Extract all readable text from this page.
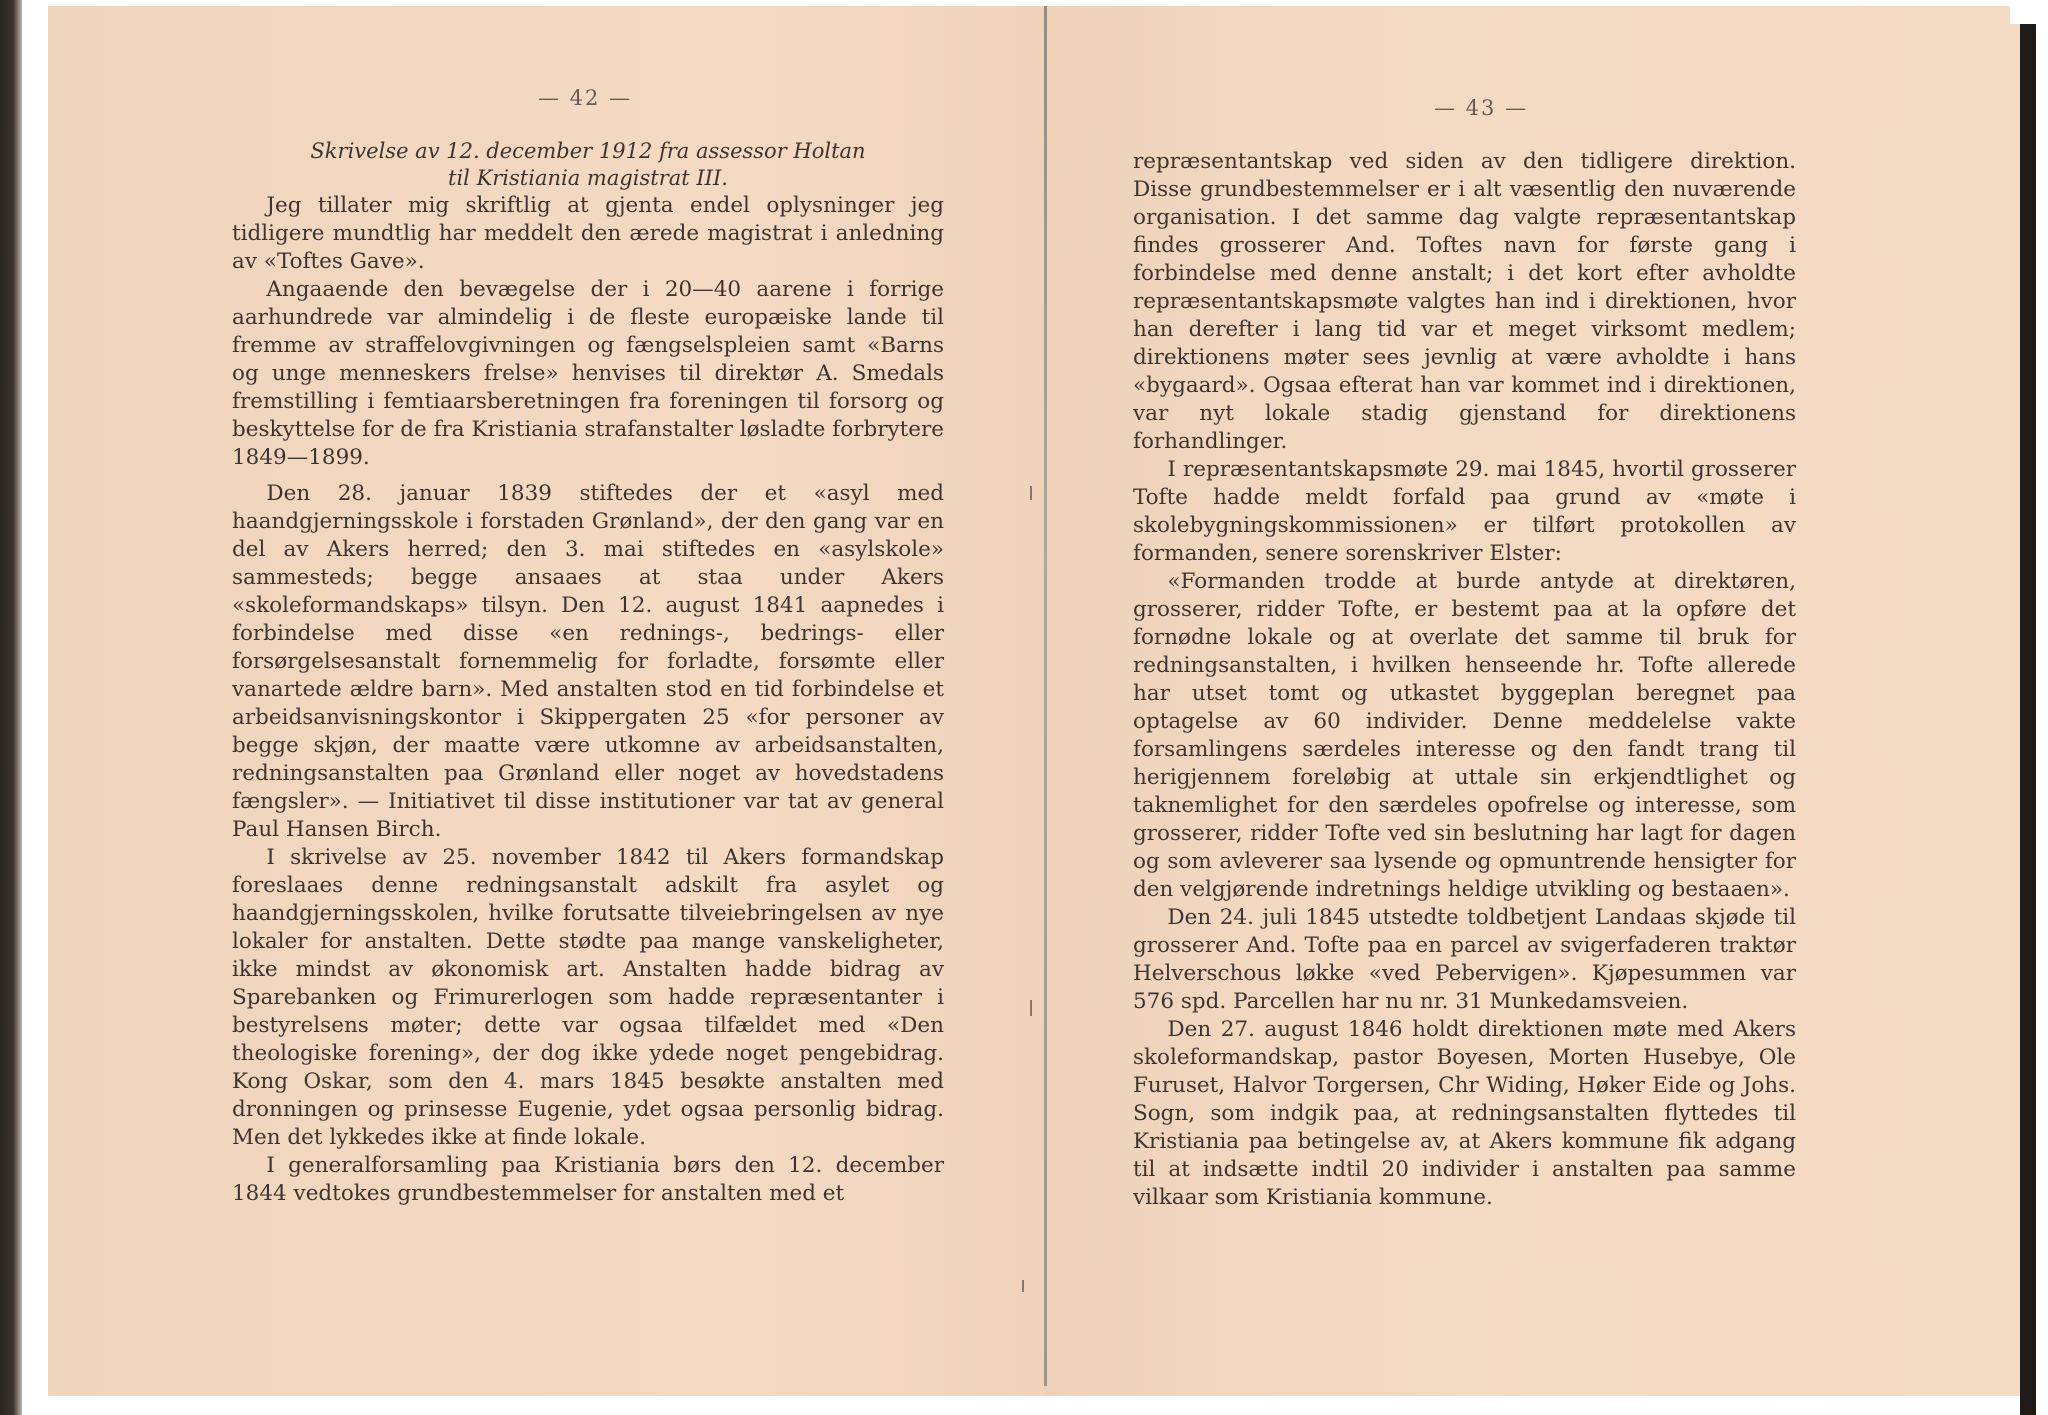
— 42 —

Skrivelse av 12. december 1912 fra assessor Holtan
til Kristiania magistrat III.

Jeg tillater mig skriftlig at gjenta endel oplysninger jeg tidligere mundtlig har meddelt den ærede magistrat i anledning av «Toftes Gave».

Angaaende den bevægelse der i 20—40 aarene i forrige aarhundrede var almindelig i de fleste europæiske lande til fremme av straffelovgivningen og fængselspleien samt «Barns og unge menneskers frelse» henvises til direktør A. Smedals fremstilling i femtiaarsberetningen fra foreningen til forsorg og beskyttelse for de fra Kristiania strafanstalter løsladte forbrytere 1849—1899.

Den 28. januar 1839 stiftedes der et «asyl med haandgjerningsskole i forstaden Grønland», der den gang var en del av Akers herred; den 3. mai stiftedes en «asylskole» sammesteds; begge ansaaes at staa under Akers «skoleformandskaps» tilsyn. Den 12. august 1841 aapnedes i forbindelse med disse «en rednings-, bedrings- eller forsørgelsesanstalt fornemmelig for forladte, forsømte eller vanartede ældre barn». Med anstalten stod en tid forbindelse et arbeidsanvisningskontor i Skippergaten 25 «for personer av begge skjøn, der maatte være utkomne av arbeidsanstalten, redningsanstalten paa Grønland eller noget av hovedstadens fængsler». — Initiativet til disse institutioner var tat av general Paul Hansen Birch.

I skrivelse av 25. november 1842 til Akers formandskap foreslaaes denne redningsanstalt adskilt fra asylet og haandgjerningsskolen, hvilke forutsatte tilveiebringelsen av nye lokaler for anstalten. Dette stødte paa mange vanskeligheter, ikke mindst av økonomisk art. Anstalten hadde bidrag av Sparebanken og Frimurerlogen som hadde repræsentanter i bestyrelsens møter; dette var ogsaa tilfældet med «Den theologiske forening», der dog ikke ydede noget pengebidrag. Kong Oskar, som den 4. mars 1845 besøkte anstalten med dronningen og prinsesse Eugenie, ydet ogsaa personlig bidrag. Men det lykkedes ikke at finde lokale.

I generalforsamling paa Kristiania børs den 12. december 1844 vedtokes grundbestemmelser for anstalten med et

— 43 —

repræsentantskap ved siden av den tidligere direktion. Disse grundbestemmelser er i alt væsentlig den nuværende organisation. I det samme dag valgte repræsentantskap findes grosserer And. Toftes navn for første gang i forbindelse med denne anstalt; i det kort efter avholdte repræsentantskapsmøte valgtes han ind i direktionen, hvor han derefter i lang tid var et meget virksomt medlem; direktionens møter sees jevnlig at være avholdte i hans «bygaard». Ogsaa efterat han var kommet ind i direktionen, var nyt lokale stadig gjenstand for direktionens forhandlinger.

I repræsentantskapsmøte 29. mai 1845, hvortil grosserer Tofte hadde meldt forfald paa grund av «møte i skolebygningskommissionen» er tilført protokollen av formanden, senere sorenskriver Elster:

«Formanden trodde at burde antyde at direktøren, grosserer, ridder Tofte, er bestemt paa at la opføre det fornødne lokale og at overlate det samme til bruk for redningsanstalten, i hvilken henseende hr. Tofte allerede har utset tomt og utkastet byggeplan beregnet paa optagelse av 60 individer. Denne meddelelse vakte forsamlingens særdeles interesse og den fandt trang til herigjennem foreløbig at uttale sin erkjendtlighet og taknemlighet for den særdeles opofrelse og interesse, som grosserer, ridder Tofte ved sin beslutning har lagt for dagen og som avleverer saa lysende og opmuntrende hensigter for den velgjørende indretnings heldige utvikling og bestaaen».

Den 24. juli 1845 utstedte toldbetjent Landaas skjøde til grosserer And. Tofte paa en parcel av svigerfaderen traktør Helverschous løkke «ved Pebervigen». Kjøpesummen var 576 spd. Parcellen har nu nr. 31 Munkedamsveien.

Den 27. august 1846 holdt direktionen møte med Akers skoleformandskap, pastor Boyesen, Morten Husebye, Ole Furuset, Halvor Torgersen, Chr Widing, Høker Eide og Johs. Sogn, som indgik paa, at redningsanstalten flyttedes til Kristiania paa betingelse av, at Akers kommune fik adgang til at indsætte indtil 20 individer i anstalten paa samme vilkaar som Kristiania kommune.
